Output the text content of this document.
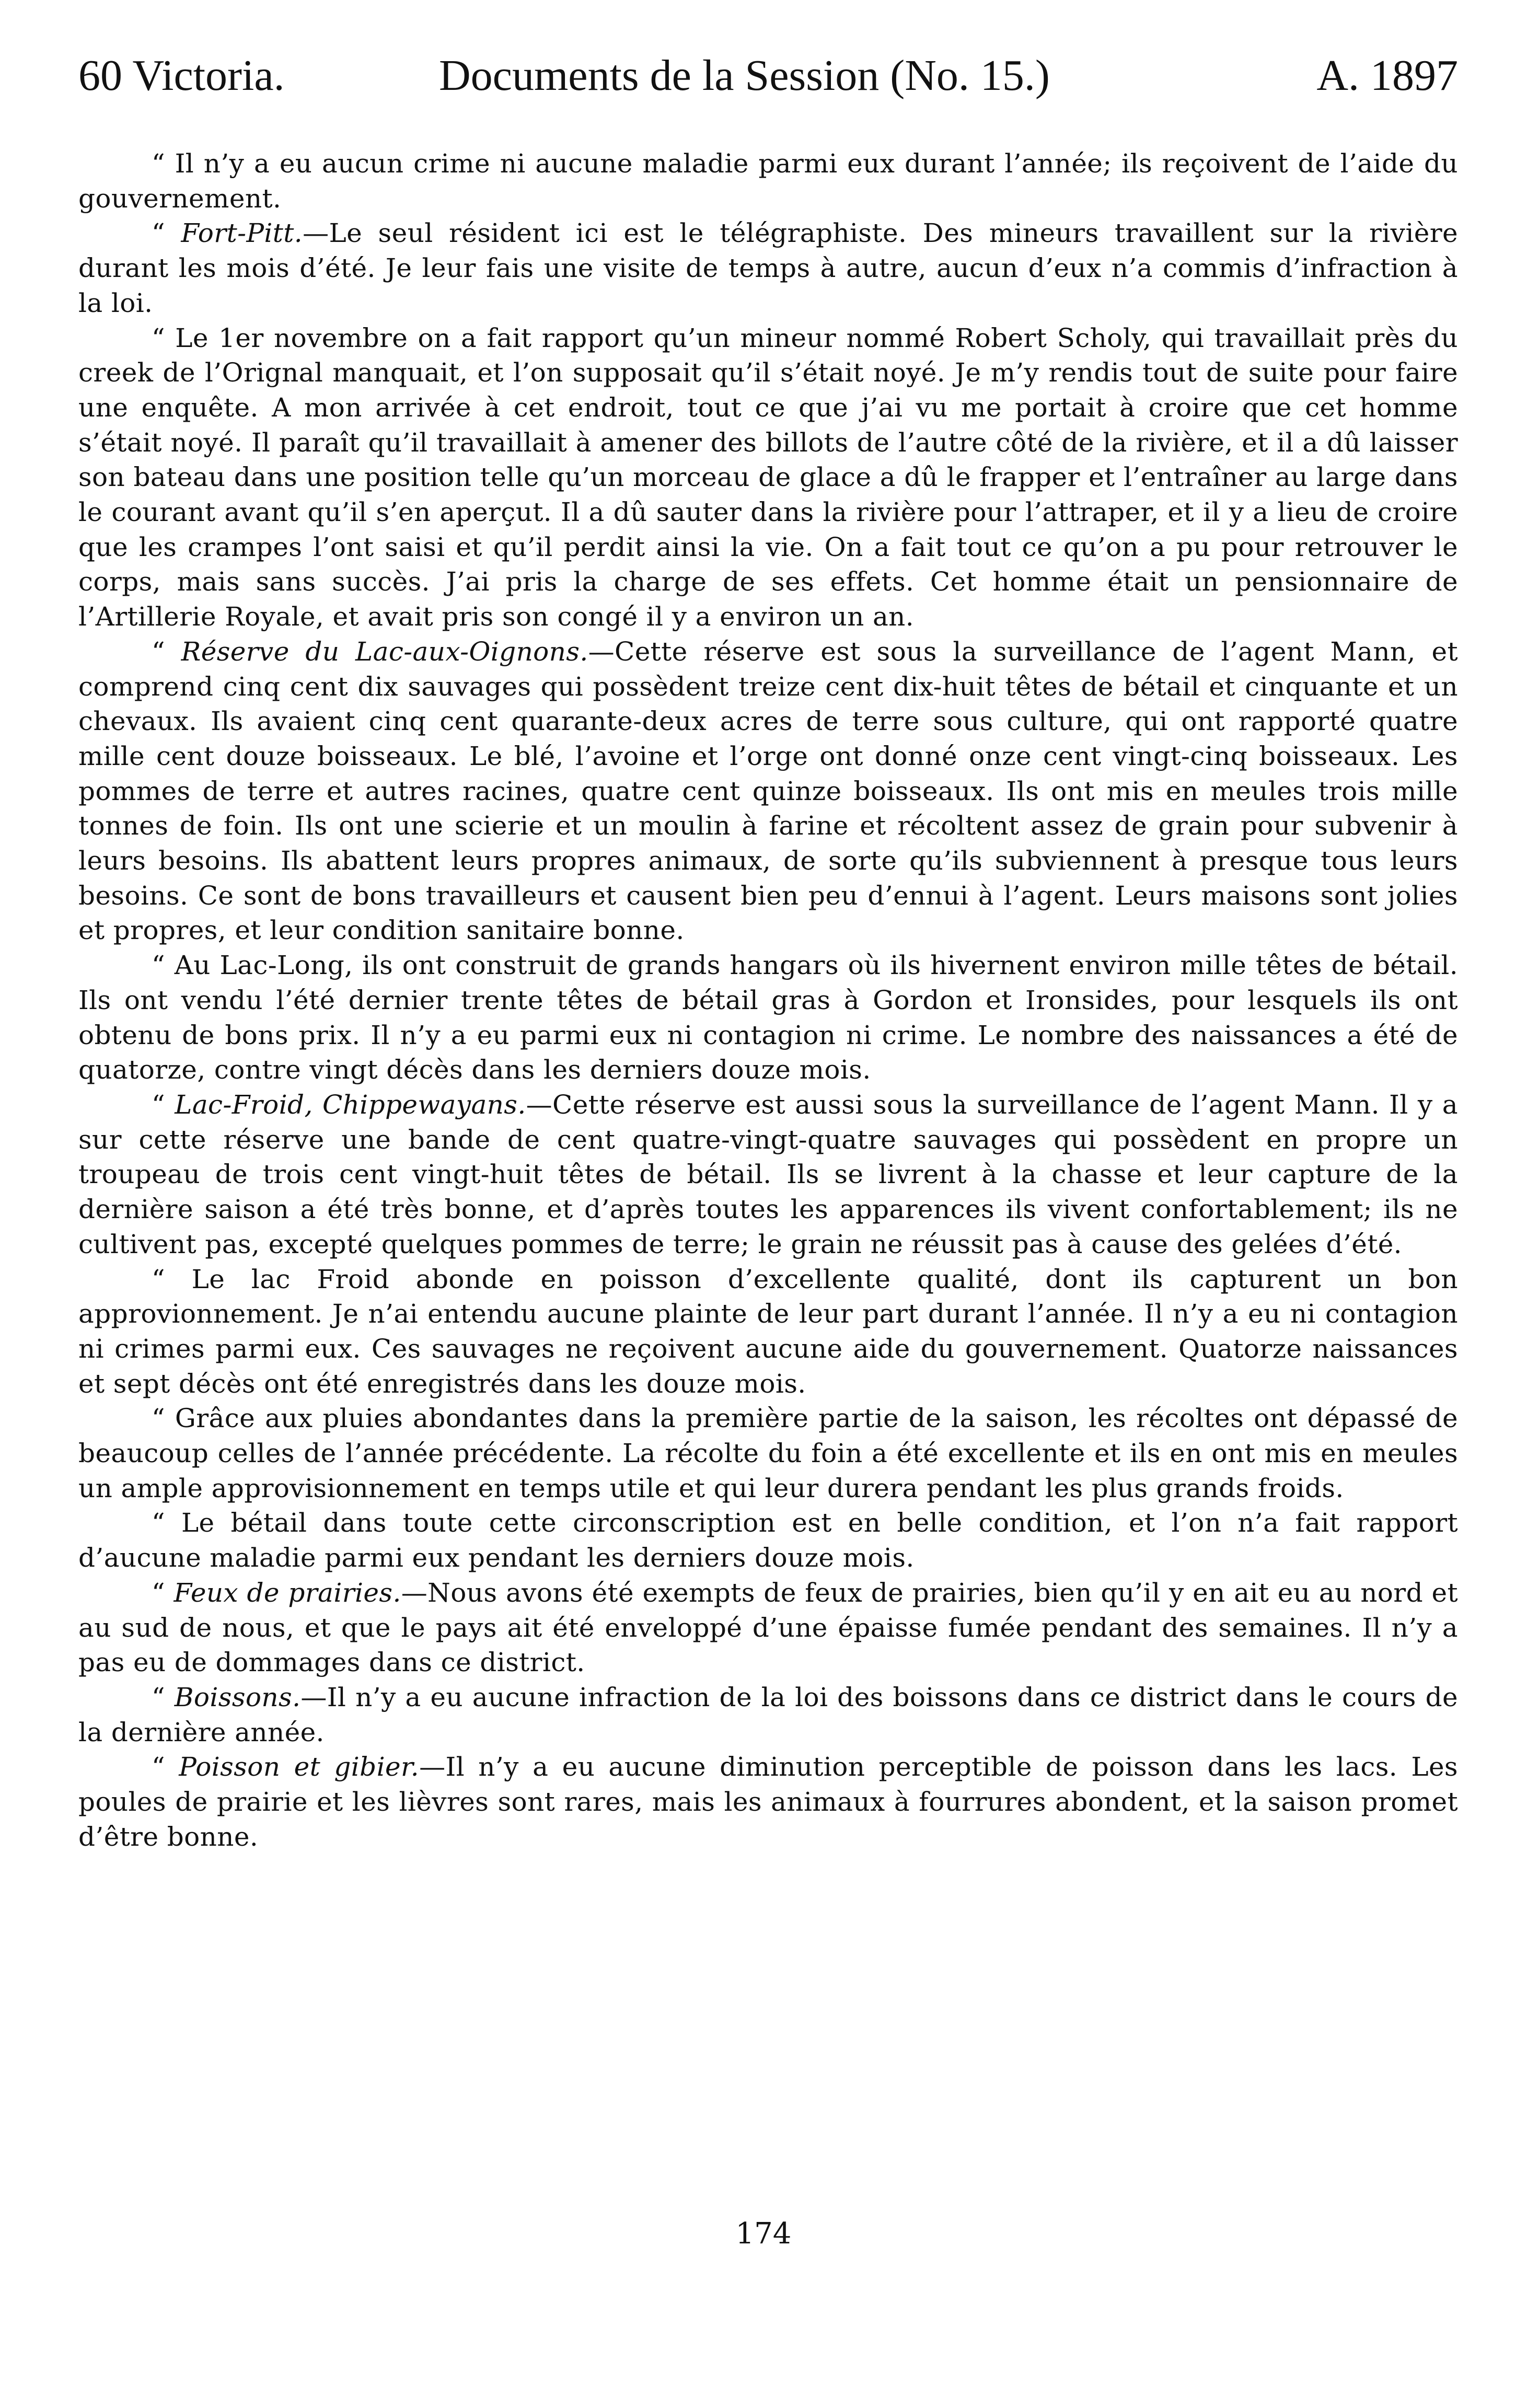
60 Victoria.	Documents de la Session (No. 15.)	A. 1897

“ Il n’y a eu aucun crime ni aucune maladie parmi eux durant l’année; ils reçoivent de l’aide du gouvernement.

“ Fort-Pitt.—Le seul résident ici est le télégraphiste. Des mineurs travaillent sur la rivière durant les mois d’été. Je leur fais une visite de temps à autre, aucun d’eux n’a commis d’infraction à la loi.

“ Le 1er novembre on a fait rapport qu’un mineur nommé Robert Scholy, qui travaillait près du creek de l’Orignal manquait, et l’on supposait qu’il s’était noyé. Je m’y rendis tout de suite pour faire une enquête. A mon arrivée à cet endroit, tout ce que j’ai vu me portait à croire que cet homme s’était noyé. Il paraît qu’il travaillait à amener des billots de l’autre côté de la rivière, et il a dû laisser son bateau dans une position telle qu’un morceau de glace a dû le frapper et l’entraîner au large dans le courant avant qu’il s’en aperçut. Il a dû sauter dans la rivière pour l’attraper, et il y a lieu de croire que les crampes l’ont saisi et qu’il perdit ainsi la vie. On a fait tout ce qu’on a pu pour retrouver le corps, mais sans succès. J’ai pris la charge de ses effets. Cet homme était un pensionnaire de l’Artillerie Royale, et avait pris son congé il y a environ un an.

“ Réserve du Lac-aux-Oignons.—Cette réserve est sous la surveillance de l’agent Mann, et comprend cinq cent dix sauvages qui possèdent treize cent dix-huit têtes de bétail et cinquante et un chevaux. Ils avaient cinq cent quarante-deux acres de terre sous culture, qui ont rapporté quatre mille cent douze boisseaux. Le blé, l’avoine et l’orge ont donné onze cent vingt-cinq boisseaux. Les pommes de terre et autres racines, quatre cent quinze boisseaux. Ils ont mis en meules trois mille tonnes de foin. Ils ont une scierie et un moulin à farine et récoltent assez de grain pour subvenir à leurs besoins. Ils abattent leurs propres animaux, de sorte qu’ils subviennent à presque tous leurs besoins. Ce sont de bons travailleurs et causent bien peu d’ennui à l’agent. Leurs maisons sont jolies et propres, et leur condition sanitaire bonne.

“ Au Lac-Long, ils ont construit de grands hangars où ils hivernent environ mille têtes de bétail. Ils ont vendu l’été dernier trente têtes de bétail gras à Gordon et Ironsides, pour lesquels ils ont obtenu de bons prix. Il n’y a eu parmi eux ni contagion ni crime. Le nombre des naissances a été de quatorze, contre vingt décès dans les derniers douze mois.

“ Lac-Froid, Chippewayans.—Cette réserve est aussi sous la surveillance de l’agent Mann. Il y a sur cette réserve une bande de cent quatre-vingt-quatre sauvages qui possèdent en propre un troupeau de trois cent vingt-huit têtes de bétail. Ils se livrent à la chasse et leur capture de la dernière saison a été très bonne, et d’après toutes les apparences ils vivent confortablement; ils ne cultivent pas, excepté quelques pommes de terre; le grain ne réussit pas à cause des gelées d’été.

“ Le lac Froid abonde en poisson d’excellente qualité, dont ils capturent un bon approvionnement. Je n’ai entendu aucune plainte de leur part durant l’année. Il n’y a eu ni contagion ni crimes parmi eux. Ces sauvages ne reçoivent aucune aide du gouvernement. Quatorze naissances et sept décès ont été enregistrés dans les douze mois.

“ Grâce aux pluies abondantes dans la première partie de la saison, les récoltes ont dépassé de beaucoup celles de l’année précédente. La récolte du foin a été excellente et ils en ont mis en meules un ample approvisionnement en temps utile et qui leur durera pendant les plus grands froids.

“ Le bétail dans toute cette circonscription est en belle condition, et l’on n’a fait rapport d’aucune maladie parmi eux pendant les derniers douze mois.

“ Feux de prairies.—Nous avons été exempts de feux de prairies, bien qu’il y en ait eu au nord et au sud de nous, et que le pays ait été enveloppé d’une épaisse fumée pendant des semaines. Il n’y a pas eu de dommages dans ce district.

“ Boissons.—Il n’y a eu aucune infraction de la loi des boissons dans ce district dans le cours de la dernière année.

“ Poisson et gibier.—Il n’y a eu aucune diminution perceptible de poisson dans les lacs. Les poules de prairie et les lièvres sont rares, mais les animaux à fourrures abondent, et la saison promet d’être bonne.

174
